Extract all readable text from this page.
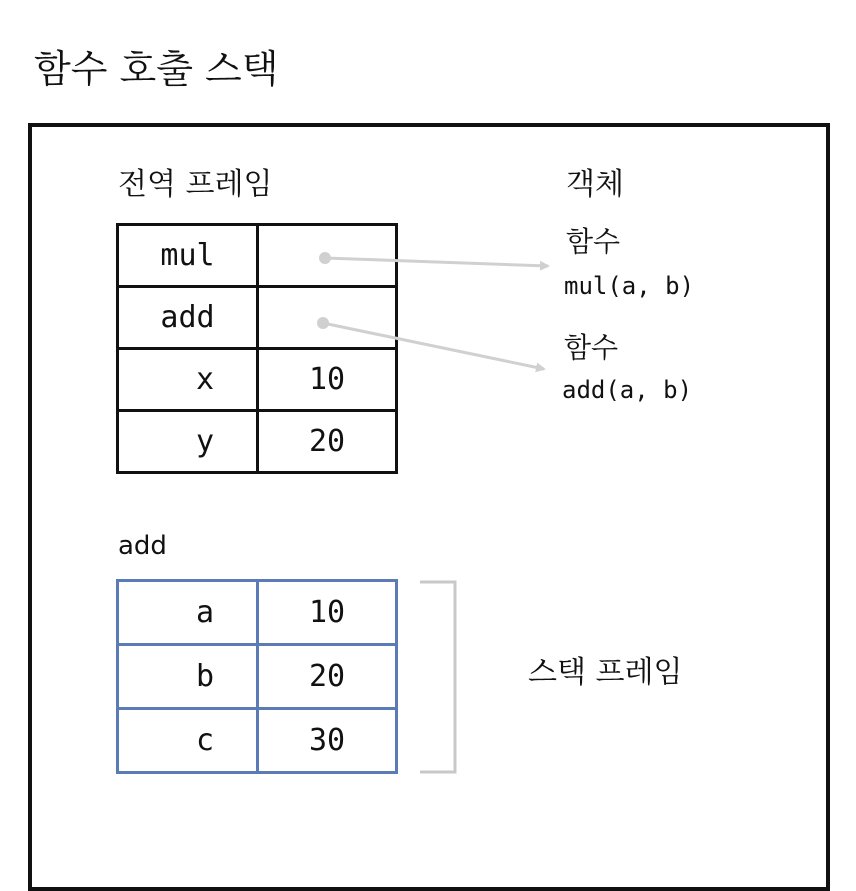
함수 호출 스택
전역 프레임
mul	
add	
x	10
y	20
객체
함수
mul(a, b)
함수
add(a, b)
add
a	10
b	20
c	30
스택 프레임
